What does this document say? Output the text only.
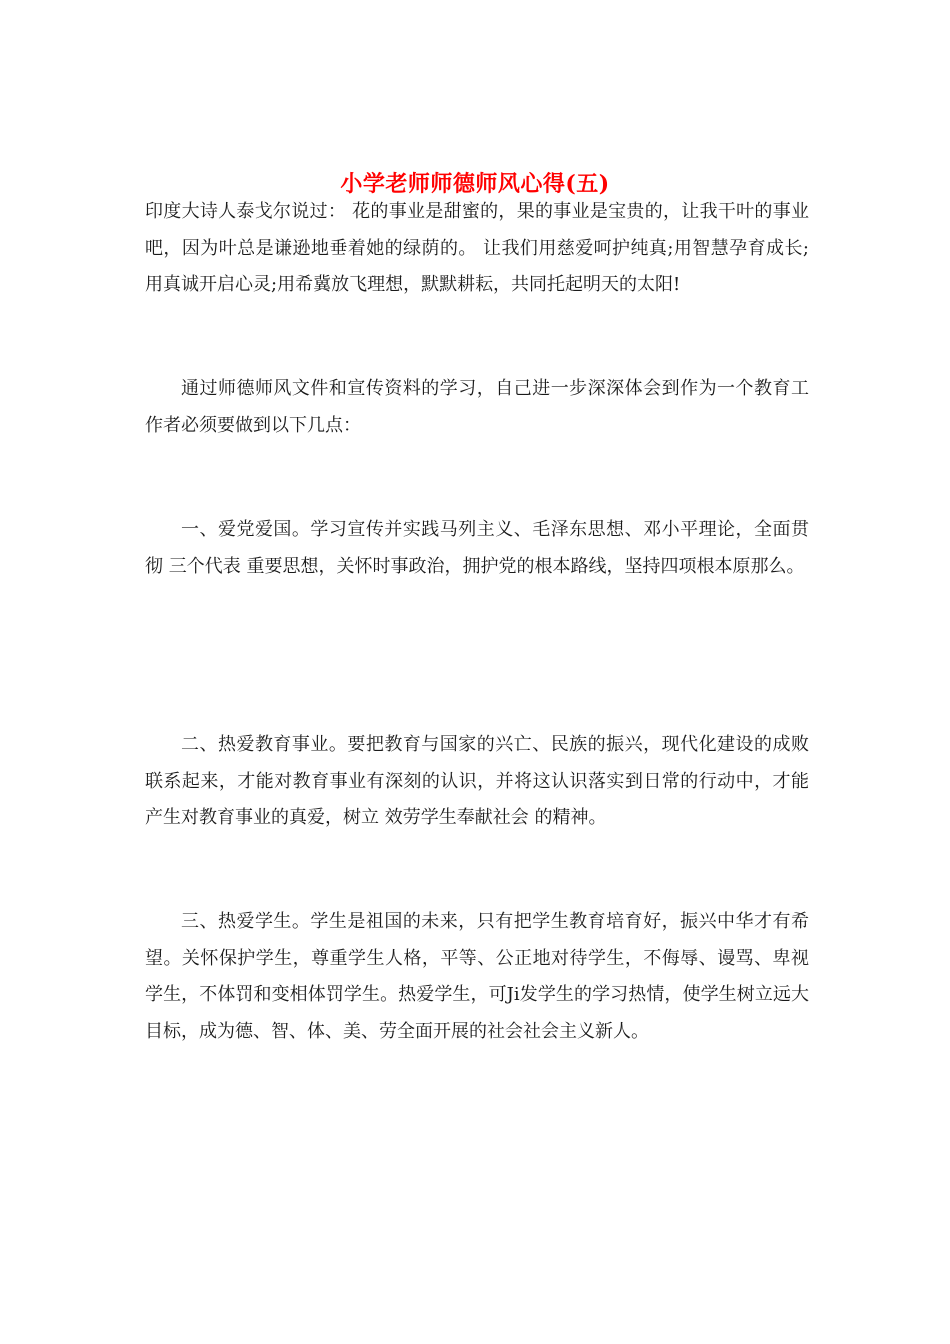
小学老师师德师风心得(五)

印度大诗人泰戈尔说过： 花的事业是甜蜜的，果的事业是宝贵的，让我干叶的事业吧，因为叶总是谦逊地垂着她的绿荫的。 让我们用慈爱呵护纯真;用智慧孕育成长;用真诚开启心灵;用希冀放飞理想，默默耕耘，共同托起明天的太阳!

通过师德师风文件和宣传资料的学习，自己进一步深深体会到作为一个教育工作者必须要做到以下几点：

一、爱党爱国。学习宣传并实践马列主义、毛泽东思想、邓小平理论，全面贯彻 三个代表 重要思想，关怀时事政治，拥护党的根本路线，坚持四项根本原那么。

二、热爱教育事业。要把教育与国家的兴亡、民族的振兴，现代化建设的成败联系起来，才能对教育事业有深刻的认识，并将这认识落实到日常的行动中，才能产生对教育事业的真爱，树立 效劳学生奉献社会 的精神。

三、热爱学生。学生是祖国的未来，只有把学生教育培育好，振兴中华才有希望。关怀保护学生，尊重学生人格，平等、公正地对待学生，不侮辱、谩骂、卑视学生，不体罚和变相体罚学生。热爱学生，可Ji发学生的学习热情，使学生树立远大目标，成为德、智、体、美、劳全面开展的社会社会主义新人。
